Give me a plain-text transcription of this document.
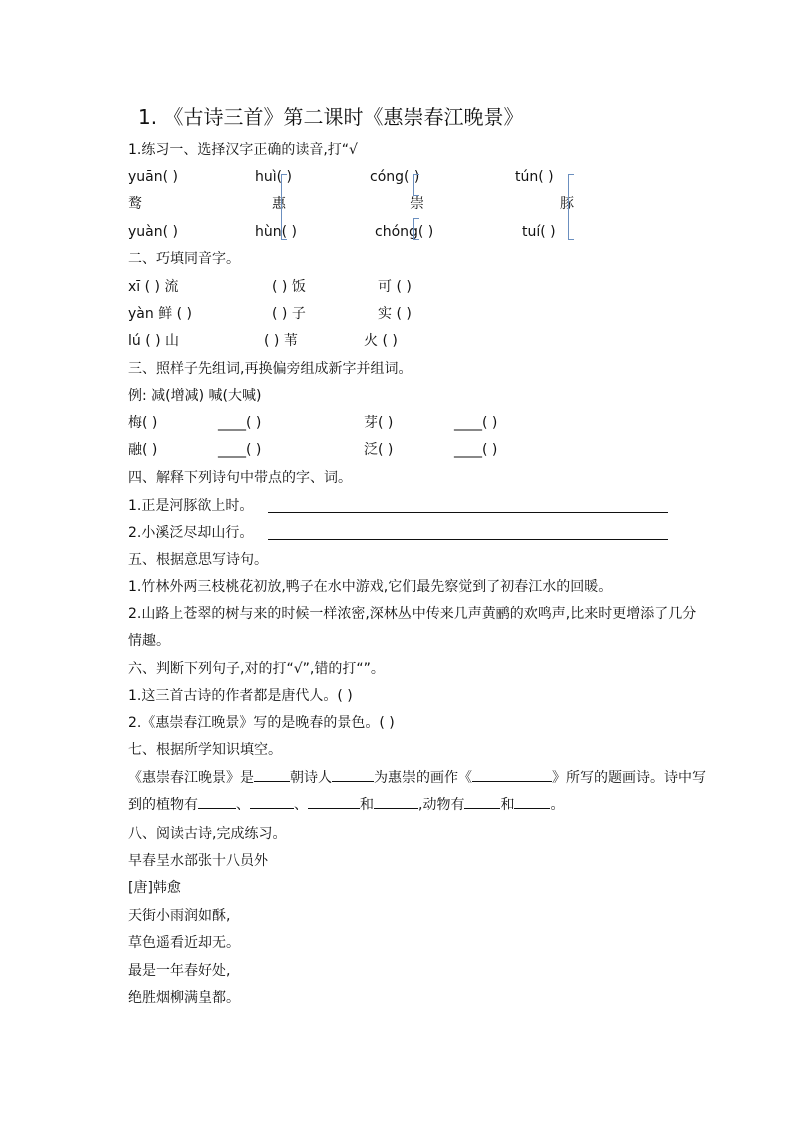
1. 《古诗三首》第二课时《惠崇春江晚景》
1.练习一、选择汉字正确的读音,打“√
yuān( )	huì( )	cóng( )	tún( )
鹜	惠	崇	豚
yuàn( )	hùn( )	chóng( )	tuí( )
二、巧填同音字。
xī ( ) 流	( ) 饭	可 ( )
yàn 鲜 ( )	( ) 子	实 ( )
lú ( ) 山	( ) 苇	火 ( )
三、照样子先组词,再换偏旁组成新字并组词。
例: 减(增减) 喊(大喊)
梅( )	____( )	芽( )	____( )
融( )	____( )	泛( )	____( )
四、解释下列诗句中带点的字、词。
1.正是河豚欲上时。
2.小溪泛尽却山行。
五、根据意思写诗句。
1.竹林外两三枝桃花初放,鸭子在水中游戏,它们最先察觉到了初春江水的回暖。
2.山路上苍翠的树与来的时候一样浓密,深林丛中传来几声黄鹂的欢鸣声,比来时更增添了几分情趣。
六、判断下列句子,对的打“√”,错的打“”。
1.这三首古诗的作者都是唐代人。( )
2.《惠崇春江晚景》写的是晚春的景色。( )
七、根据所学知识填空。
《惠崇春江晚景》是	朝诗人	为惠崇的画作《	》所写的题画诗。诗中写到的植物有	、	、	和	,动物有	和	。
八、阅读古诗,完成练习。
早春呈水部张十八员外
[唐]韩愈
天街小雨润如酥,
草色遥看近却无。
最是一年春好处,
绝胜烟柳满皇都。
